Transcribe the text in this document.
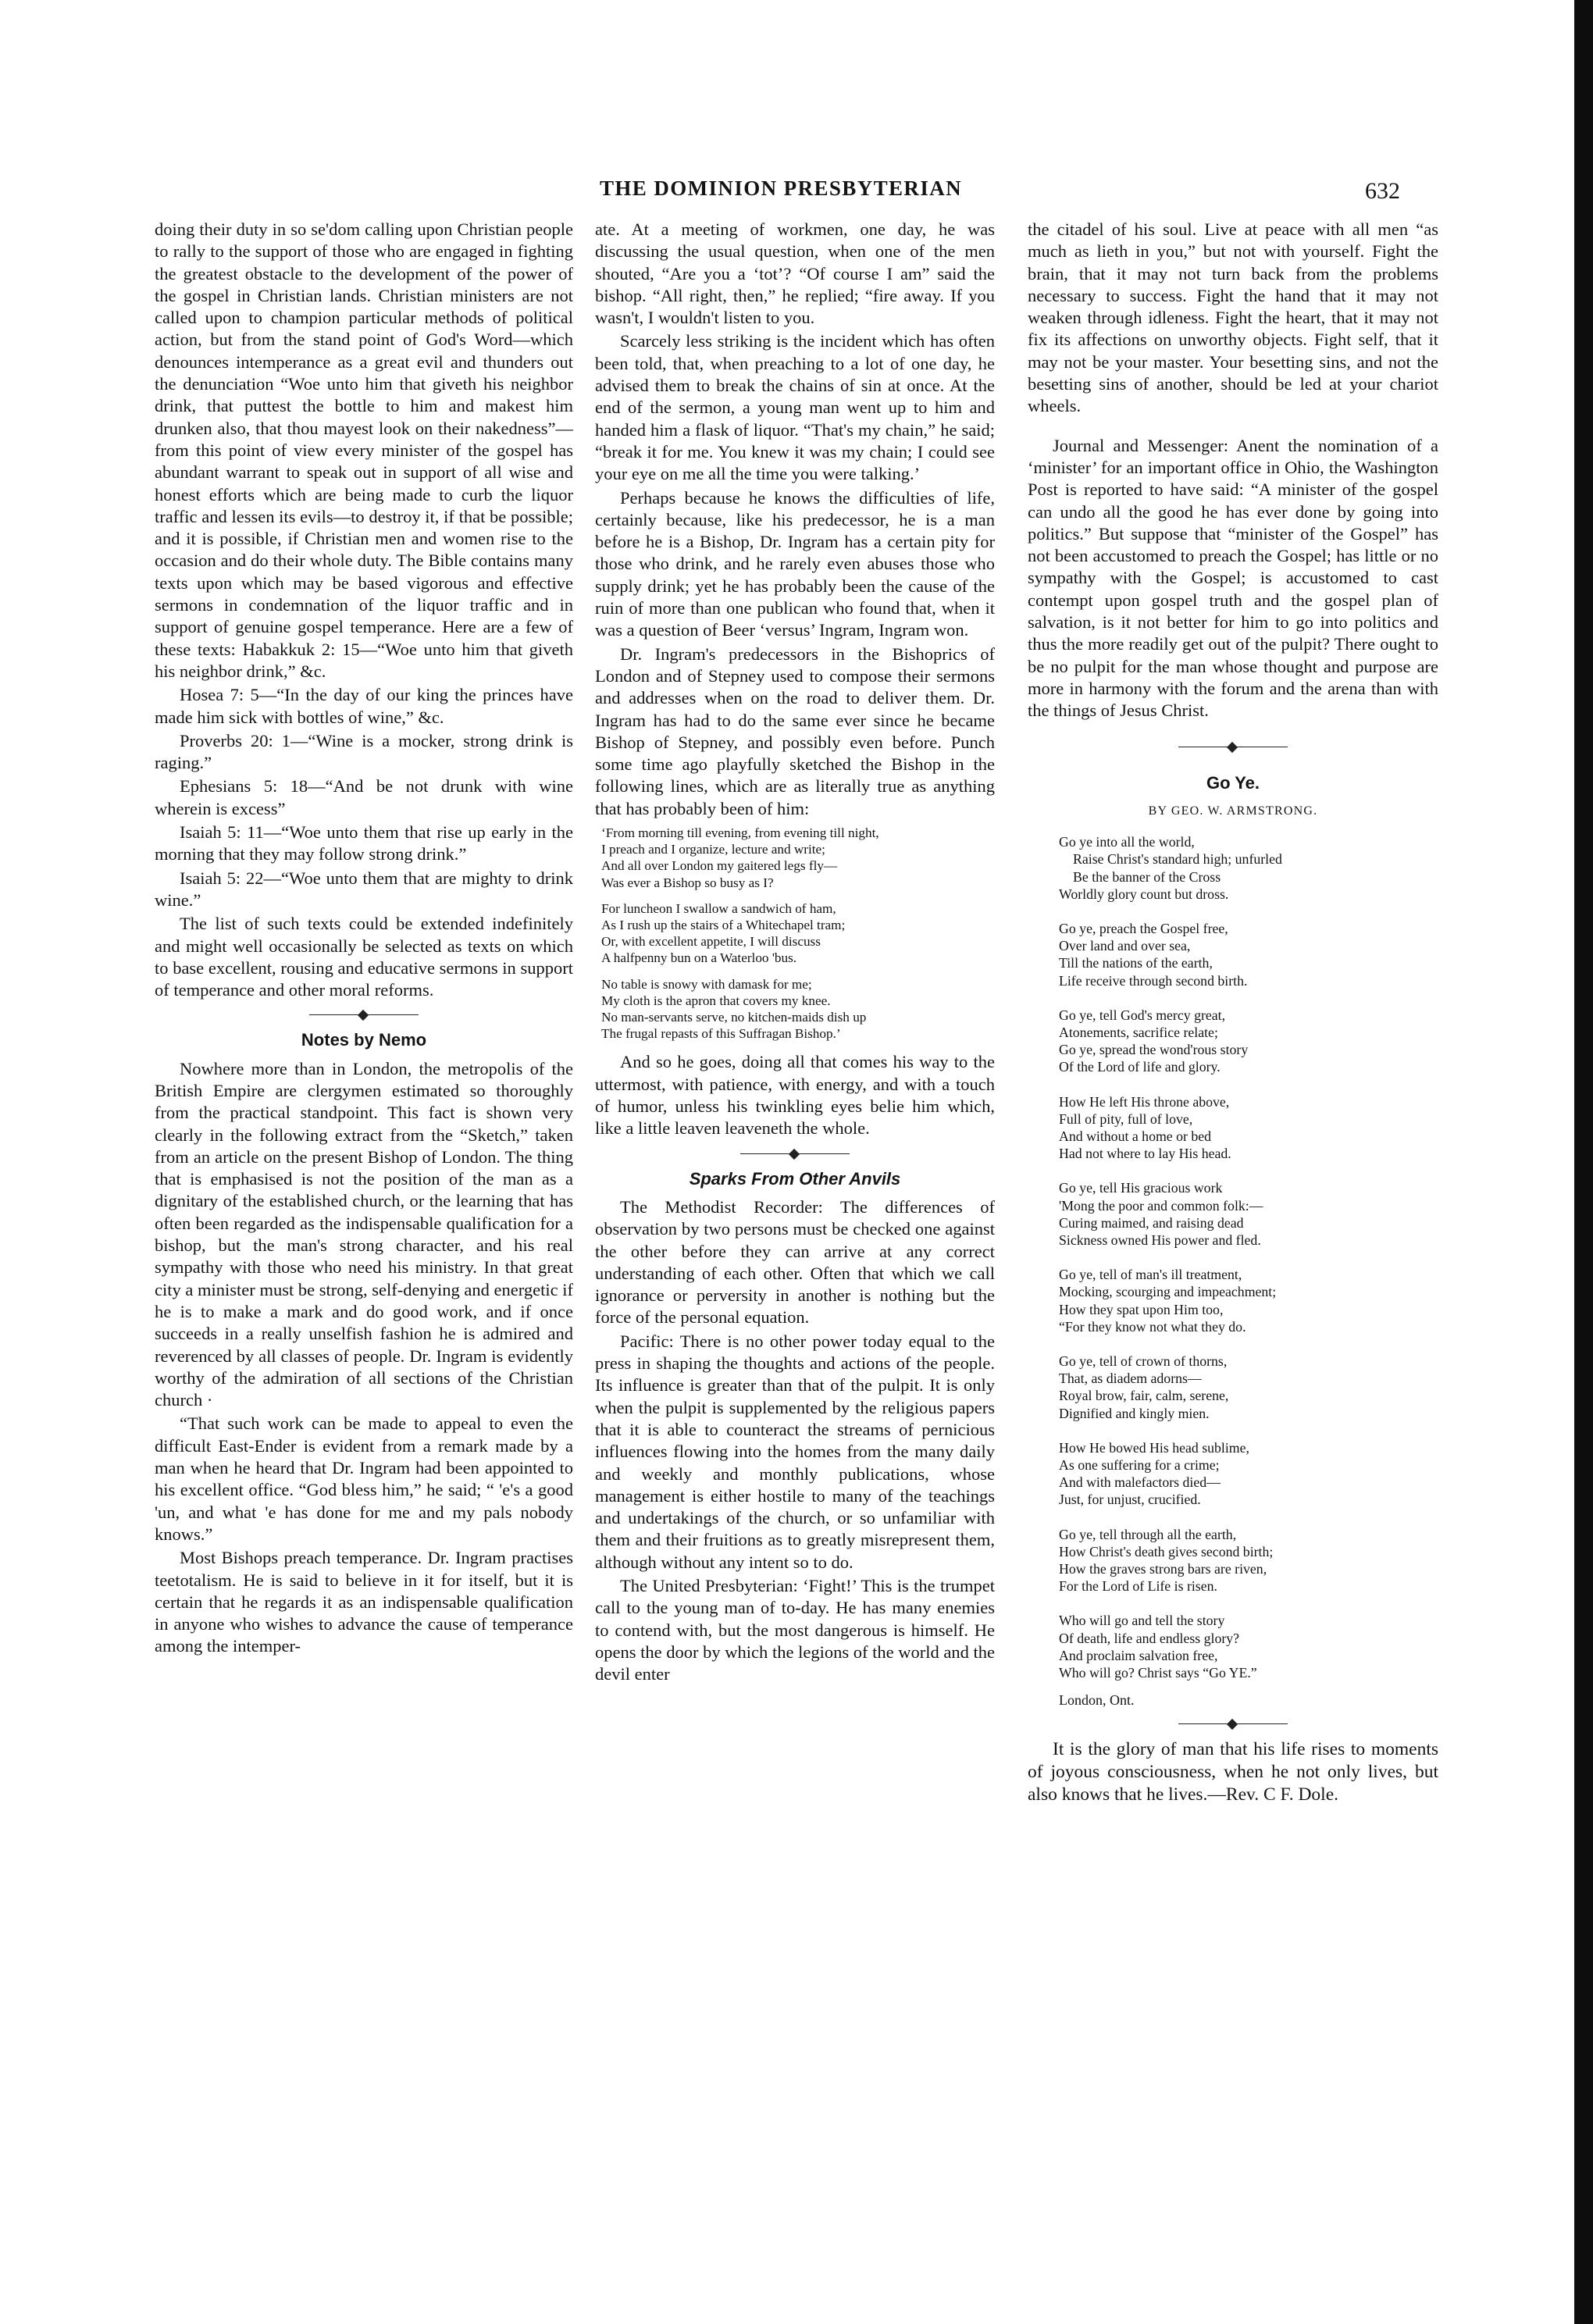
THE DOMINION PRESBYTERIAN	632

doing their duty in so se'dom calling upon Christian people to rally to the support of those who are engaged in fighting the greatest obstacle to the development of the power of the gospel in Christian lands. Christian ministers are not called upon to champion particular methods of political action, but from the stand point of God's Word—which denounces intemperance as a great evil and thunders out the denunciation “Woe unto him that giveth his neighbor drink, that puttest the bottle to him and makest him drunken also, that thou mayest look on their nakedness”—from this point of view every minister of the gospel has abundant warrant to speak out in support of all wise and honest efforts which are being made to curb the liquor traffic and lessen its evils—to destroy it, if that be possible; and it is possible, if Christian men and women rise to the occasion and do their whole duty. The Bible contains many texts upon which may be based vigorous and effective sermons in condemnation of the liquor traffic and in support of genuine gospel temperance. Here are a few of these texts: Habakkuk 2: 15—“Woe unto him that giveth his neighbor drink,” &c.

Hosea 7: 5—“In the day of our king the princes have made him sick with bottles of wine,” &c.

Proverbs 20: 1—“Wine is a mocker, strong drink is raging.”

Ephesians 5: 18—“And be not drunk with wine wherein is excess”

Isaiah 5: 11—“Woe unto them that rise up early in the morning that they may follow strong drink.”

Isaiah 5: 22—“Woe unto them that are mighty to drink wine.”

The list of such texts could be extended indefinitely and might well occasionally be selected as texts on which to base excellent, rousing and educative sermons in support of temperance and other moral reforms.

Notes by Nemo

Nowhere more than in London, the metropolis of the British Empire are clergymen estimated so thoroughly from the practical standpoint. This fact is shown very clearly in the following extract from the “Sketch,” taken from an article on the present Bishop of London. The thing that is emphasised is not the position of the man as a dignitary of the established church, or the learning that has often been regarded as the indispensable qualification for a bishop, but the man's strong character, and his real sympathy with those who need his ministry. In that great city a minister must be strong, self-denying and energetic if he is to make a mark and do good work, and if once succeeds in a really unselfish fashion he is admired and reverenced by all classes of people. Dr. Ingram is evidently worthy of the admiration of all sections of the Christian church ·

“That such work can be made to appeal to even the difficult East-Ender is evident from a remark made by a man when he heard that Dr. Ingram had been appointed to his excellent office. “God bless him,” he said; “ 'e's a good 'un, and what 'e has done for me and my pals nobody knows.”

Most Bishops preach temperance. Dr. Ingram practises teetotalism. He is said to believe in it for itself, but it is certain that he regards it as an indispensable qualification in anyone who wishes to advance the cause of temperance among the intemper-

ate. At a meeting of workmen, one day, he was discussing the usual question, when one of the men shouted, “Are you a ‘tot’? “Of course I am” said the bishop. “All right, then,” he replied; “fire away. If you wasn't, I wouldn't listen to you.

Scarcely less striking is the incident which has often been told, that, when preaching to a lot of one day, he advised them to break the chains of sin at once. At the end of the sermon, a young man went up to him and handed him a flask of liquor. “That's my chain,” he said; “break it for me. You knew it was my chain; I could see your eye on me all the time you were talking.’

Perhaps because he knows the difficulties of life, certainly because, like his predecessor, he is a man before he is a Bishop, Dr. Ingram has a certain pity for those who drink, and he rarely even abuses those who supply drink; yet he has probably been the cause of the ruin of more than one publican who found that, when it was a question of Beer ‘versus’ Ingram, Ingram won.

Dr. Ingram's predecessors in the Bishoprics of London and of Stepney used to compose their sermons and addresses when on the road to deliver them. Dr. Ingram has had to do the same ever since he became Bishop of Stepney, and possibly even before. Punch some time ago playfully sketched the Bishop in the following lines, which are as literally true as anything that has probably been of him:

‘From morning till evening, from evening till night,
I preach and I organize, lecture and write;
And all over London my gaitered legs fly—
Was ever a Bishop so busy as I?
For luncheon I swallow a sandwich of ham,
As I rush up the stairs of a Whitechapel tram;
Or, with excellent appetite, I will discuss
A halfpenny bun on a Waterloo 'bus.
No table is snowy with damask for me;
My cloth is the apron that covers my knee.
No man-servants serve, no kitchen-maids dish up
The frugal repasts of this Suffragan Bishop.’

And so he goes, doing all that comes his way to the uttermost, with patience, with energy, and with a touch of humor, unless his twinkling eyes belie him which, like a little leaven leaveneth the whole.

Sparks From Other Anvils

The Methodist Recorder: The differences of observation by two persons must be checked one against the other before they can arrive at any correct understanding of each other. Often that which we call ignorance or perversity in another is nothing but the force of the personal equation.

Pacific: There is no other power today equal to the press in shaping the thoughts and actions of the people. Its influence is greater than that of the pulpit. It is only when the pulpit is supplemented by the religious papers that it is able to counteract the streams of pernicious influences flowing into the homes from the many daily and weekly and monthly publications, whose management is either hostile to many of the teachings and undertakings of the church, or so unfamiliar with them and their fruitions as to greatly misrepresent them, although without any intent so to do.

The United Presbyterian: ‘Fight!’ This is the trumpet call to the young man of to-day. He has many enemies to contend with, but the most dangerous is himself. He opens the door by which the legions of the world and the devil enter

the citadel of his soul. Live at peace with all men “as much as lieth in you,” but not with yourself. Fight the brain, that it may not turn back from the problems necessary to success. Fight the hand that it may not weaken through idleness. Fight the heart, that it may not fix its affections on unworthy objects. Fight self, that it may not be your master. Your besetting sins, and not the besetting sins of another, should be led at your chariot wheels.

Journal and Messenger: Anent the nomination of a ‘minister’ for an important office in Ohio, the Washington Post is reported to have said: “A minister of the gospel can undo all the good he has ever done by going into politics.” But suppose that “minister of the Gospel” has not been accustomed to preach the Gospel; has little or no sympathy with the Gospel; is accustomed to cast contempt upon gospel truth and the gospel plan of salvation, is it not better for him to go into politics and thus the more readily get out of the pulpit? There ought to be no pulpit for the man whose thought and purpose are more in harmony with the forum and the arena than with the things of Jesus Christ.

Go Ye.
BY GEO. W. ARMSTRONG.
Go ye into all the world,
Raise Christ's standard high; unfurled
Be the banner of the Cross
Worldly glory count but dross.
Go ye, preach the Gospel free,
Over land and over sea,
Till the nations of the earth,
Life receive through second birth.
Go ye, tell God's mercy great,
Atonements, sacrifice relate;
Go ye, spread the wond'rous story
Of the Lord of life and glory.
How He left His throne above,
Full of pity, full of love,
And without a home or bed
Had not where to lay His head.
Go ye, tell His gracious work
'Mong the poor and common folk:—
Curing maimed, and raising dead
Sickness owned His power and fled.
Go ye, tell of man's ill treatment,
Mocking, scourging and impeachment;
How they spat upon Him too,
“For they know not what they do.
Go ye, tell of crown of thorns,
That, as diadem adorns—
Royal brow, fair, calm, serene,
Dignified and kingly mien.
How He bowed His head sublime,
As one suffering for a crime;
And with malefactors died—
Just, for unjust, crucified.
Go ye, tell through all the earth,
How Christ's death gives second birth;
How the graves strong bars are riven,
For the Lord of Life is risen.
Who will go and tell the story
Of death, life and endless glory?
And proclaim salvation free,
Who will go? Christ says “Go YE.”
London, Ont.

It is the glory of man that his life rises to moments of joyous consciousness, when he not only lives, but also knows that he lives.—Rev. C F. Dole.
